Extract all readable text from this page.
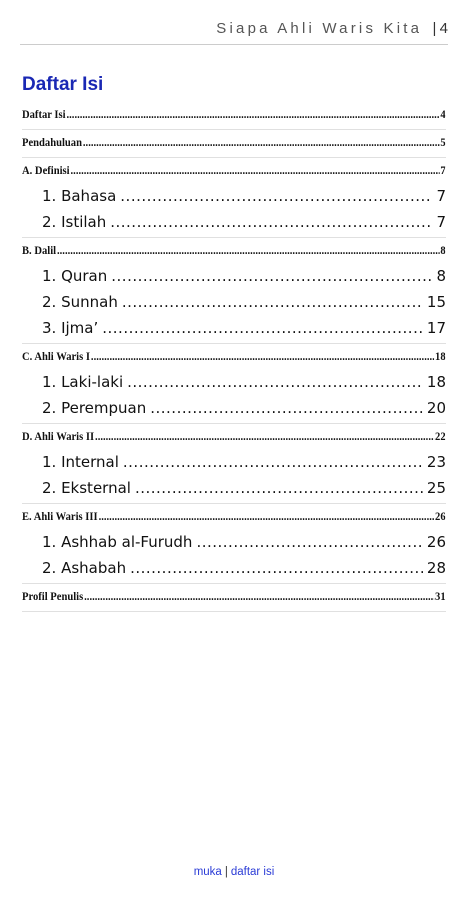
Siapa Ahli Waris Kita |4
Daftar Isi
Daftar Isi .....	4
Pendahuluan .....	5
A. Definisi .....	7
1. Bahasa .....	7
2. Istilah .....	7
B. Dalil .....	8
1. Quran .....	8
2. Sunnah .....	15
3. Ijma’ .....	17
C. Ahli Waris I .....	18
1. Laki-laki .....	18
2. Perempuan .....	20
D. Ahli Waris II .....	22
1. Internal .....	23
2. Eksternal .....	25
E. Ahli Waris III .....	26
1. Ashhab al-Furudh .....	26
2. Ashabah .....	28
Profil Penulis .....	31
muka | daftar isi
